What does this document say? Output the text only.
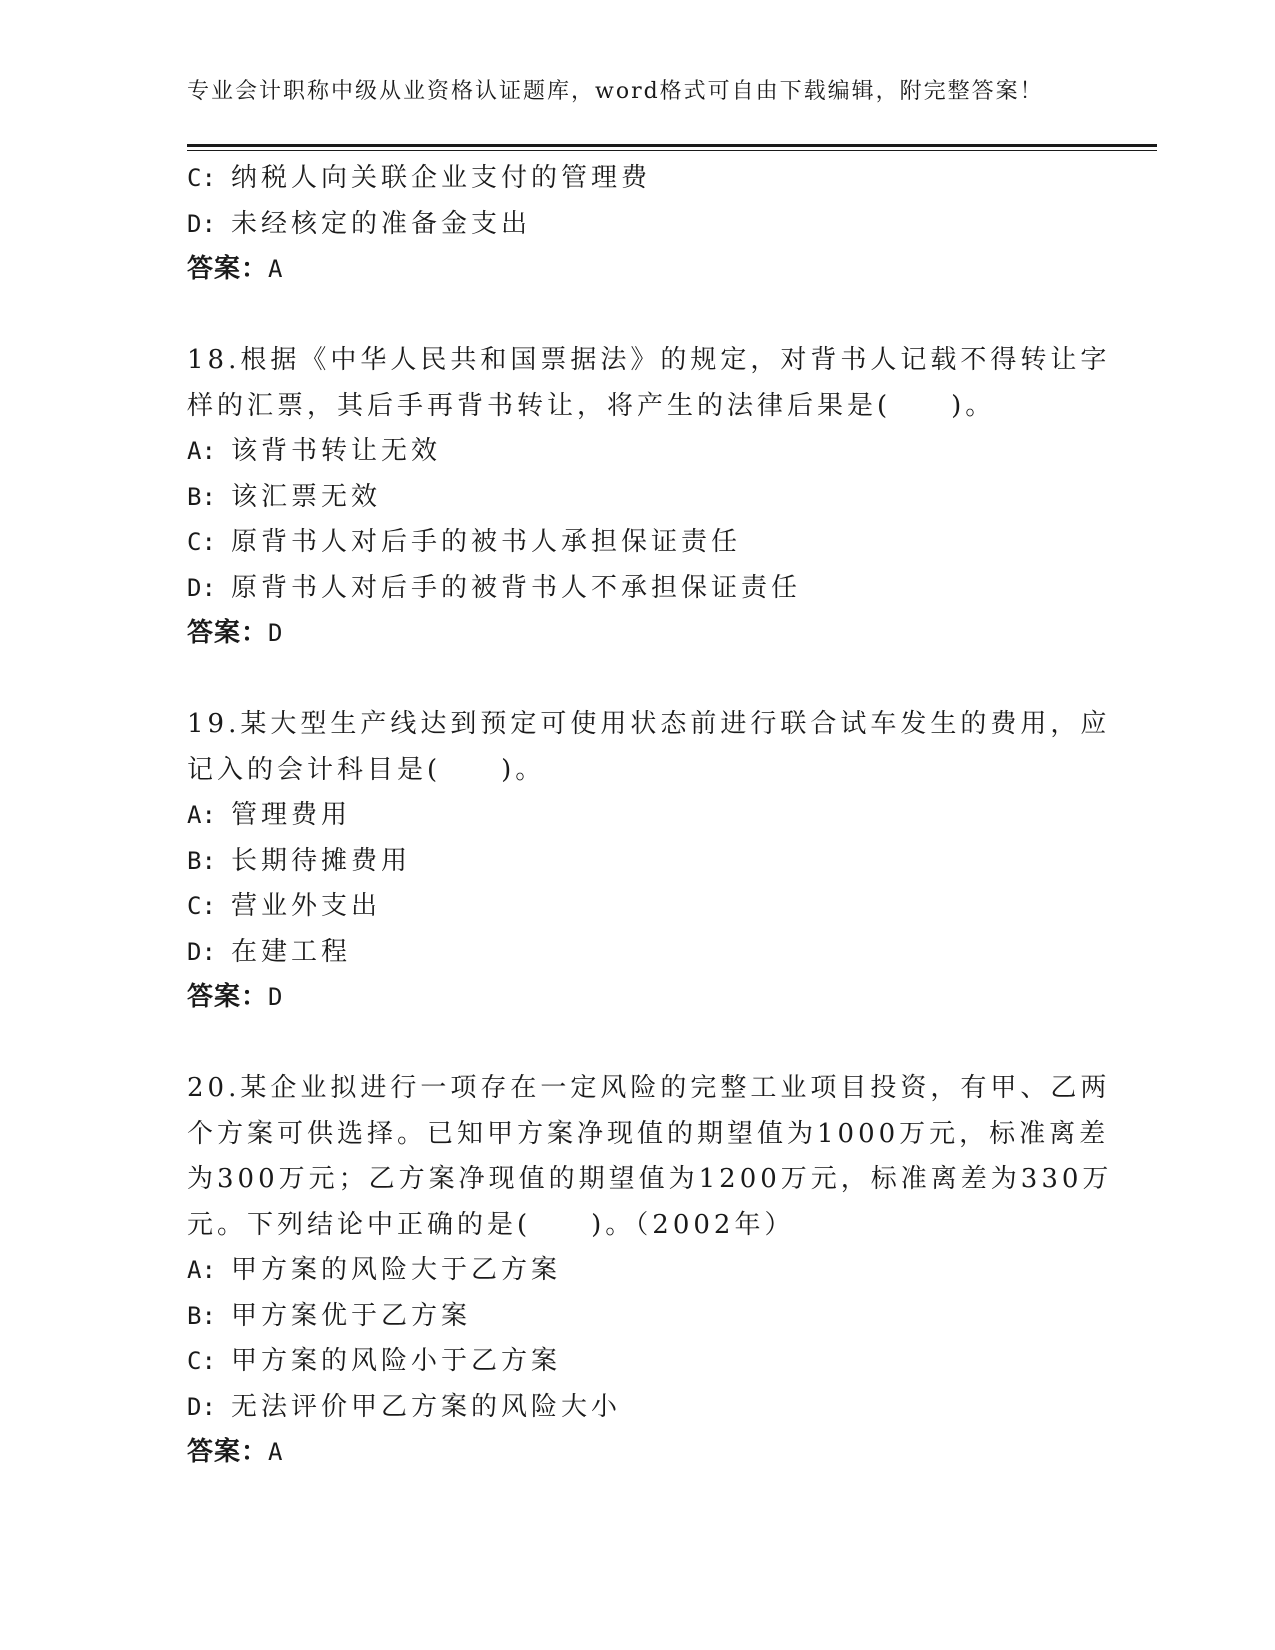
专业会计职称中级从业资格认证题库，word格式可自由下载编辑，附完整答案！
C: 纳税人向关联企业支付的管理费
D: 未经核定的准备金支出
答案：A
18.根据《中华人民共和国票据法》的规定，对背书人记载不得转让字
样的汇票，其后手再背书转让，将产生的法律后果是(　　)。
A: 该背书转让无效
B: 该汇票无效
C: 原背书人对后手的被书人承担保证责任
D: 原背书人对后手的被背书人不承担保证责任
答案：D
19.某大型生产线达到预定可使用状态前进行联合试车发生的费用，应
记入的会计科目是(　　)。
A: 管理费用
B: 长期待摊费用
C: 营业外支出
D: 在建工程
答案：D
20.某企业拟进行一项存在一定风险的完整工业项目投资，有甲、乙两
个方案可供选择。已知甲方案净现值的期望值为1000万元，标准离差
为300万元；乙方案净现值的期望值为1200万元，标准离差为330万
元。下列结论中正确的是(　　)。（2002年）
A: 甲方案的风险大于乙方案
B: 甲方案优于乙方案
C: 甲方案的风险小于乙方案
D: 无法评价甲乙方案的风险大小
答案：A
